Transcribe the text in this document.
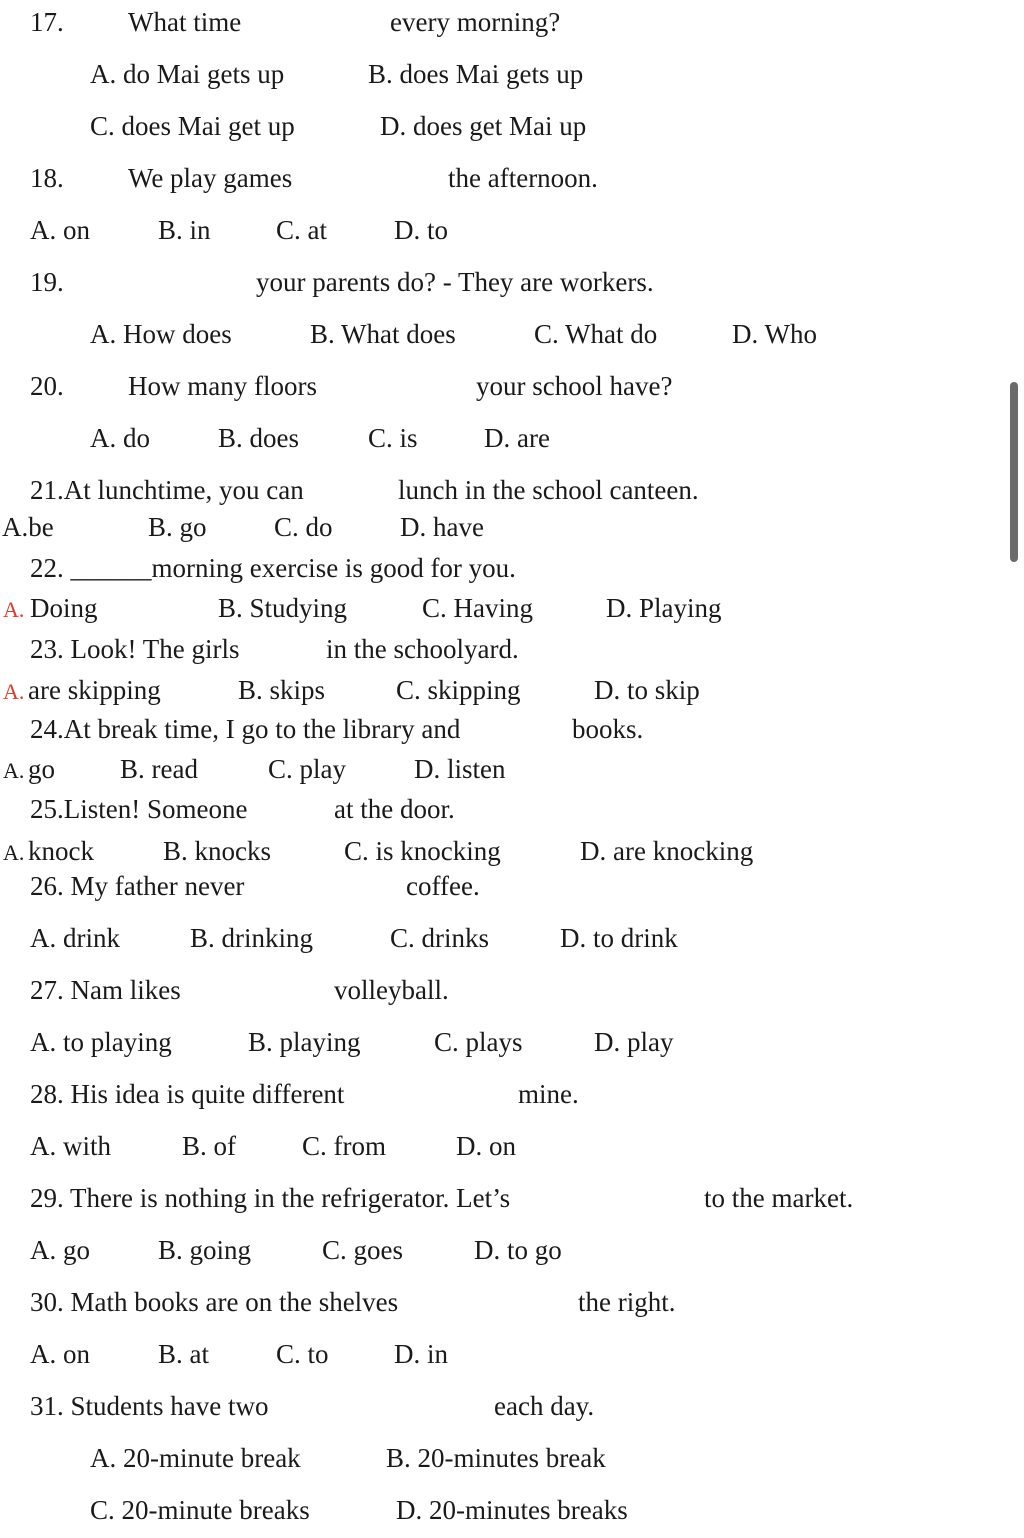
17. What time	every morning?
A. do Mai gets up	B. does Mai gets up
C. does Mai get up	D. does get Mai up
18. We play games	the afternoon.
A. on	B. in C. at D. to
19.	your parents do? - They are workers.
A. How does	B. What does	C. What do	D. Who
20. How many floors	your school have?
A. do	B. does	C. is D. are
21.At lunchtime, you can	lunch in the school canteen.
A.be	B. go C. do D. have
22. ______morning exercise is good for you.
A. Doing	B. Studying	C. Having	D. Playing
23. Look! The girls	in the schoolyard.
A. are skipping	B. skips	C. skipping	D. to skip
24.At break time, I go to the library and	books.
A. go B. read	C. play	D. listen
25.Listen! Someone	at the door.
A. knock	B. knocks	C. is knocking	D. are knocking
26. My father never	coffee.
A. drink	B. drinking	C. drinks	D. to drink
27. Nam likes	volleyball.
A. to playing	B. playing	C. plays	D. play
28. His idea is quite different	mine.
A. with	B. of C. from	D. on
29. There is nothing in the refrigerator. Let’s	to the market.
A. go	B. going	C. goes	D. to go
30. Math books are on the shelves	the right.
A. on	B. at C. to D. in
31. Students have two	each day.
A. 20-minute break	B. 20-minutes break
C. 20-minute breaks	D. 20-minutes breaks
